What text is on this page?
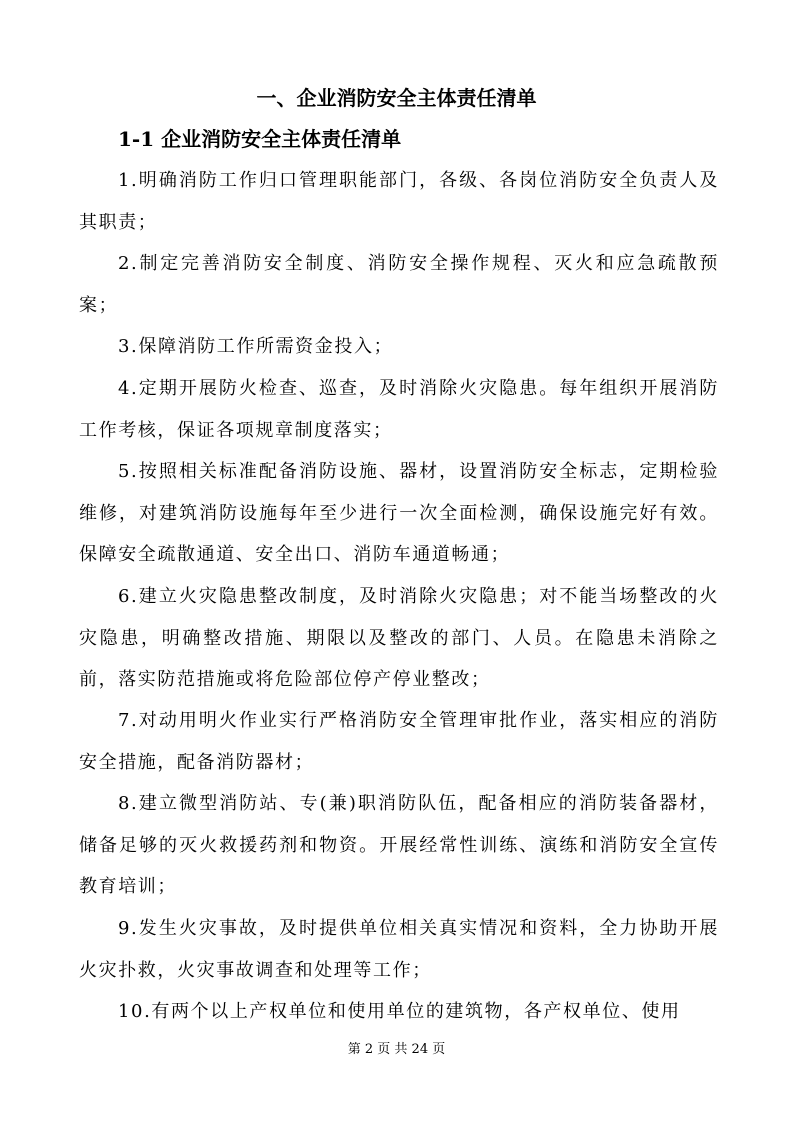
一、企业消防安全主体责任清单
1-1 企业消防安全主体责任清单
1.明确消防工作归口管理职能部门，各级、各岗位消防安全负责人及其职责；
2.制定完善消防安全制度、消防安全操作规程、灭火和应急疏散预案；
3.保障消防工作所需资金投入；
4.定期开展防火检查、巡查，及时消除火灾隐患。每年组织开展消防工作考核，保证各项规章制度落实；
5.按照相关标准配备消防设施、器材，设置消防安全标志，定期检验维修，对建筑消防设施每年至少进行一次全面检测，确保设施完好有效。保障安全疏散通道、安全出口、消防车通道畅通；
6.建立火灾隐患整改制度，及时消除火灾隐患；对不能当场整改的火灾隐患，明确整改措施、期限以及整改的部门、人员。在隐患未消除之前，落实防范措施或将危险部位停产停业整改；
7.对动用明火作业实行严格消防安全管理审批作业，落实相应的消防安全措施，配备消防器材；
8.建立微型消防站、专(兼)职消防队伍，配备相应的消防装备器材，储备足够的灭火救援药剂和物资。开展经常性训练、演练和消防安全宣传教育培训；
9.发生火灾事故，及时提供单位相关真实情况和资料，全力协助开展火灾扑救，火灾事故调查和处理等工作；
10.有两个以上产权单位和使用单位的建筑物，各产权单位、使用
第 2 页 共 24 页
